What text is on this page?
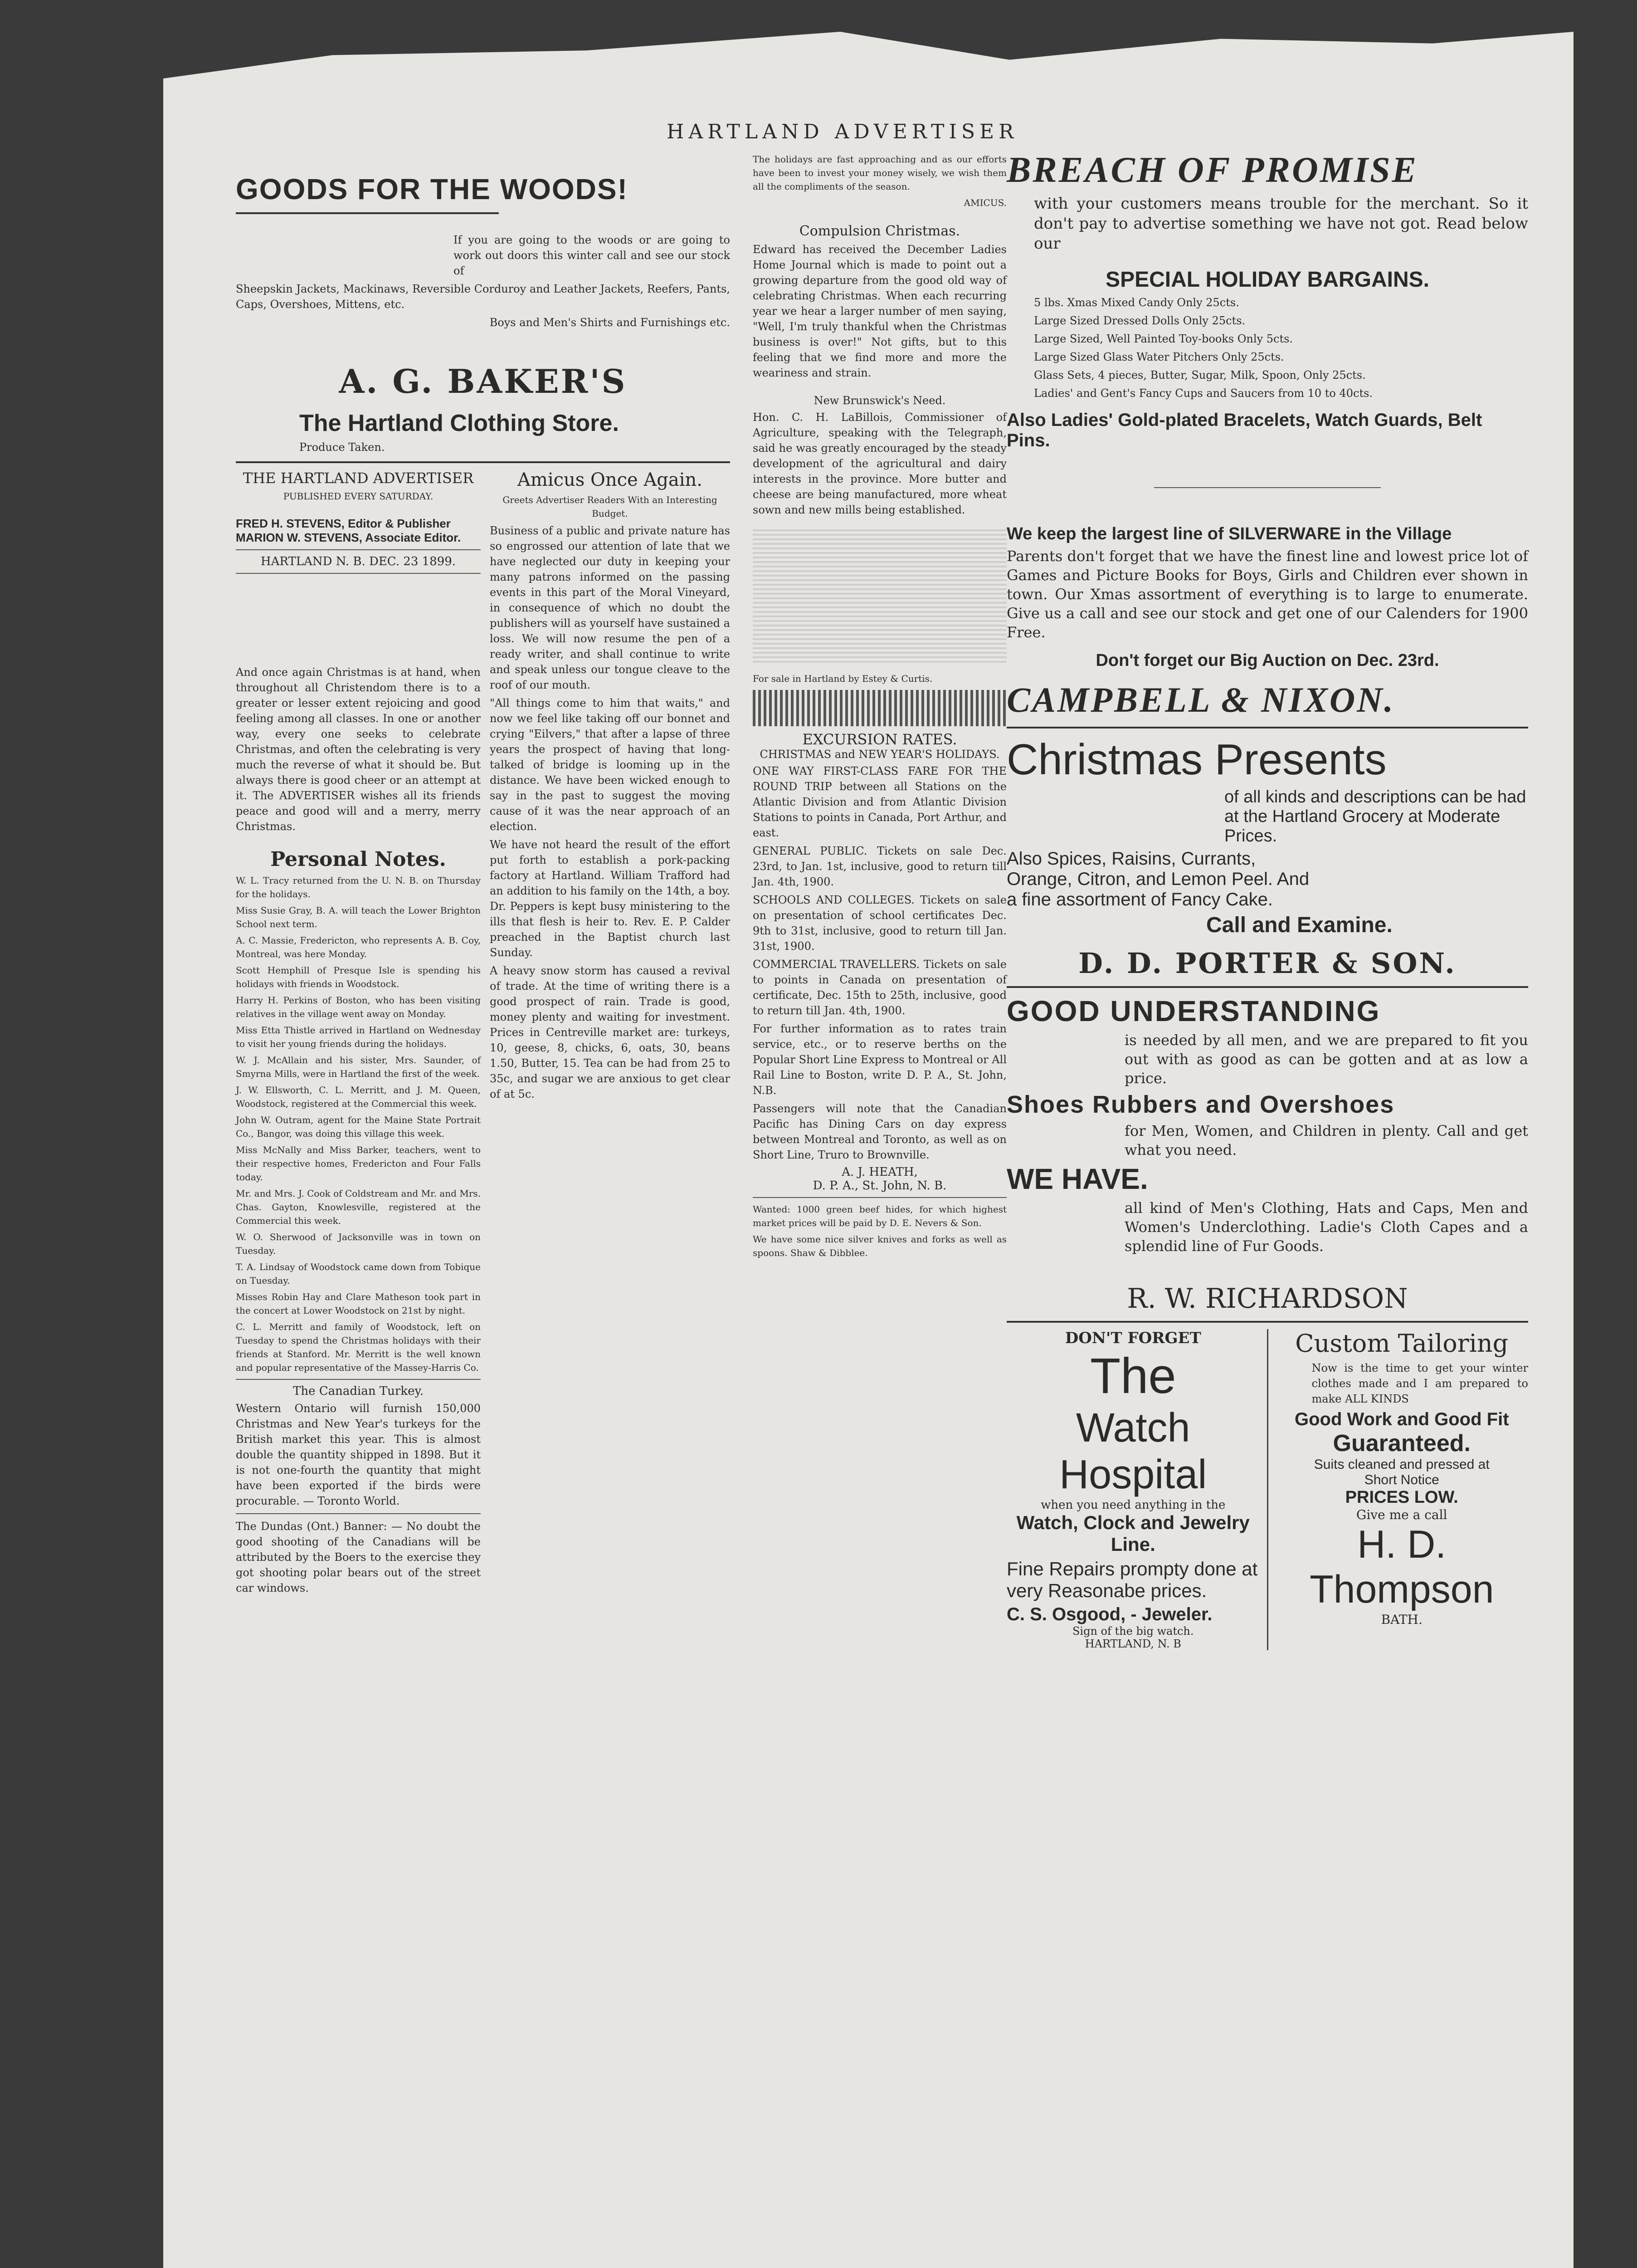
HARTLAND ADVERTISER
GOODS FOR THE WOODS!

If you are going to the woods or are going to work out doors this winter call and see our stock of

Sheepskin Jackets, Mackinaws, Reversible Corduroy and Leather Jackets, Reefers, Pants, Caps, Overshoes, Mittens, etc.

Boys and Men's Shirts and Furnishings etc.

A. G. BAKER'S
The Hartland Clothing Store.

Produce Taken.

THE HARTLAND ADVERTISER

PUBLISHED EVERY SATURDAY.

FRED H. STEVENS, Editor & Publisher
MARION W. STEVENS, Associate Editor.
HARTLAND N. B. DEC. 23 1899.

And once again Christmas is at hand, when throughout all Christendom there is to a greater or lesser extent rejoicing and good feeling among all classes. In one or another way, every one seeks to celebrate Christmas, and often the celebrating is very much the reverse of what it should be. But always there is good cheer or an attempt at it. The ADVERTISER wishes all its friends peace and good will and a merry, merry Christmas.

Personal Notes.

W. L. Tracy returned from the U. N. B. on Thursday for the holidays.

Miss Susie Gray, B. A. will teach the Lower Brighton School next term.

A. C. Massie, Fredericton, who represents A. B. Coy, Montreal, was here Monday.

Scott Hemphill of Presque Isle is spending his holidays with friends in Woodstock.

Harry H. Perkins of Boston, who has been visiting relatives in the village went away on Monday.

Miss Etta Thistle arrived in Hartland on Wednesday to visit her young friends during the holidays.

W. J. McAllain and his sister, Mrs. Saunder, of Smyrna Mills, were in Hartland the first of the week.

J. W. Ellsworth, C. L. Merritt, and J. M. Queen, Woodstock, registered at the Commercial this week.

John W. Outram, agent for the Maine State Portrait Co., Bangor, was doing this village this week.

Miss McNally and Miss Barker, teachers, went to their respective homes, Fredericton and Four Falls today.

Mr. and Mrs. J. Cook of Coldstream and Mr. and Mrs. Chas. Gayton, Knowlesville, registered at the Commercial this week.

W. O. Sherwood of Jacksonville was in town on Tuesday.

T. A. Lindsay of Woodstock came down from Tobique on Tuesday.

Misses Robin Hay and Clare Matheson took part in the concert at Lower Woodstock on 21st by night.

C. L. Merritt and family of Woodstock, left on Tuesday to spend the Christmas holidays with their friends at Stanford. Mr. Merritt is the well known and popular representative of the Massey-Harris Co.

The Canadian Turkey.

Western Ontario will furnish 150,000 Christmas and New Year's turkeys for the British market this year. This is almost double the quantity shipped in 1898. But it is not one-fourth the quantity that might have been exported if the birds were procurable. — Toronto World.

The Dundas (Ont.) Banner: — No doubt the good shooting of the Canadians will be attributed by the Boers to the exercise they got shooting polar bears out of the street car windows.

Amicus Once Again.

Greets Advertiser Readers With an Interesting Budget.

Business of a public and private nature has so engrossed our attention of late that we have neglected our duty in keeping your many patrons informed on the passing events in this part of the Moral Vineyard, in consequence of which no doubt the publishers will as yourself have sustained a loss. We will now resume the pen of a ready writer, and shall continue to write and speak unless our tongue cleave to the roof of our mouth.

"All things come to him that waits," and now we feel like taking off our bonnet and crying "Eilvers," that after a lapse of three years the prospect of having that long-talked of bridge is looming up in the distance. We have been wicked enough to say in the past to suggest the moving cause of it was the near approach of an election.

We have not heard the result of the effort put forth to establish a pork-packing factory at Hartland. William Trafford had an addition to his family on the 14th, a boy. Dr. Peppers is kept busy ministering to the ills that flesh is heir to. Rev. E. P. Calder preached in the Baptist church last Sunday.

A heavy snow storm has caused a revival of trade. At the time of writing there is a good prospect of rain. Trade is good, money plenty and waiting for investment. Prices in Centreville market are: turkeys, 10, geese, 8, chicks, 6, oats, 30, beans 1.50, Butter, 15. Tea can be had from 25 to 35c, and sugar we are anxious to get clear of at 5c.

The holidays are fast approaching and as our efforts have been to invest your money wisely, we wish them all the compliments of the season.

AMICUS.

Compulsion Christmas.

Edward has received the December Ladies Home Journal which is made to point out a growing departure from the good old way of celebrating Christmas. When each recurring year we hear a larger number of men saying, "Well, I'm truly thankful when the Christmas business is over!" Not gifts, but to this feeling that we find more and more the weariness and strain.

New Brunswick's Need.

Hon. C. H. LaBillois, Commissioner of Agriculture, speaking with the Telegraph, said he was greatly encouraged by the steady development of the agricultural and dairy interests in the province. More butter and cheese are being manufactured, more wheat sown and new mills being established.

For sale in Hartland by Estey & Curtis.

EXCURSION RATES.
CHRISTMAS and NEW YEAR'S HOLIDAYS.

ONE WAY FIRST-CLASS FARE FOR THE ROUND TRIP between all Stations on the Atlantic Division and from Atlantic Division Stations to points in Canada, Port Arthur, and east.

GENERAL PUBLIC. Tickets on sale Dec. 23rd, to Jan. 1st, inclusive, good to return till Jan. 4th, 1900.

SCHOOLS AND COLLEGES. Tickets on sale on presentation of school certificates Dec. 9th to 31st, inclusive, good to return till Jan. 31st, 1900.

COMMERCIAL TRAVELLERS. Tickets on sale to points in Canada on presentation of certificate, Dec. 15th to 25th, inclusive, good to return till Jan. 4th, 1900.

For further information as to rates train service, etc., or to reserve berths on the Popular Short Line Express to Montreal or All Rail Line to Boston, write D. P. A., St. John, N.B.

Passengers will note that the Canadian Pacific has Dining Cars on day express between Montreal and Toronto, as well as on Short Line, Truro to Brownville.

A. J. HEATH,
D. P. A., St. John, N. B.

Wanted: 1000 green beef hides, for which highest market prices will be paid by D. E. Nevers & Son.

We have some nice silver knives and forks as well as spoons. Shaw & Dibblee.

BREACH OF PROMISE

with your customers means trouble for the merchant. So it don't pay to advertise something we have not got. Read below our

SPECIAL HOLIDAY BARGAINS.

5 lbs. Xmas Mixed Candy Only 25cts.

Large Sized Dressed Dolls Only 25cts.

Large Sized, Well Painted Toy-books Only 5cts.

Large Sized Glass Water Pitchers Only 25cts.

Glass Sets, 4 pieces, Butter, Sugar, Milk, Spoon, Only 25cts.

Ladies' and Gent's Fancy Cups and Saucers from 10 to 40cts.

Also Ladies' Gold-plated Bracelets, Watch Guards, Belt Pins.
We keep the largest line of SILVERWARE in the Village

Parents don't forget that we have the finest line and lowest price lot of Games and Picture Books for Boys, Girls and Children ever shown in town. Our Xmas assortment of everything is to large to enumerate. Give us a call and see our stock and get one of our Calenders for 1900 Free.

Don't forget our Big Auction on Dec. 23rd.
CAMPBELL & NIXON.
Christmas Presents

of all kinds and descriptions can be had at the Hartland Grocery at Moderate Prices.

Also Spices, Raisins, Currants, Orange, Citron, and Lemon Peel. And a fine assortment of Fancy Cake.

Call and Examine.
D. D. PORTER & SON.
GOOD UNDERSTANDING

is needed by all men, and we are prepared to fit you out with as good as can be gotten and at as low a price.

Shoes Rubbers and Overshoes

for Men, Women, and Children in plenty. Call and get what you need.

WE HAVE.

all kind of Men's Clothing, Hats and Caps, Men and Women's Underclothing. Ladie's Cloth Capes and a splendid line of Fur Goods.

R. W. RICHARDSON
DON'T FORGET
The
Watch Hospital
when you need anything in the
Watch, Clock and Jewelry Line.

Fine Repairs prompty done at very Reasonabe prices.

C. S. Osgood, - Jeweler.
Sign of the big watch.
HARTLAND, N. B
Custom Tailoring

Now is the time to get your winter clothes made and I am prepared to make ALL KINDS

Good Work and Good Fit
Guaranteed.
Suits cleaned and pressed at
Short Notice
PRICES LOW.
Give me a call
H. D. Thompson
BATH.
